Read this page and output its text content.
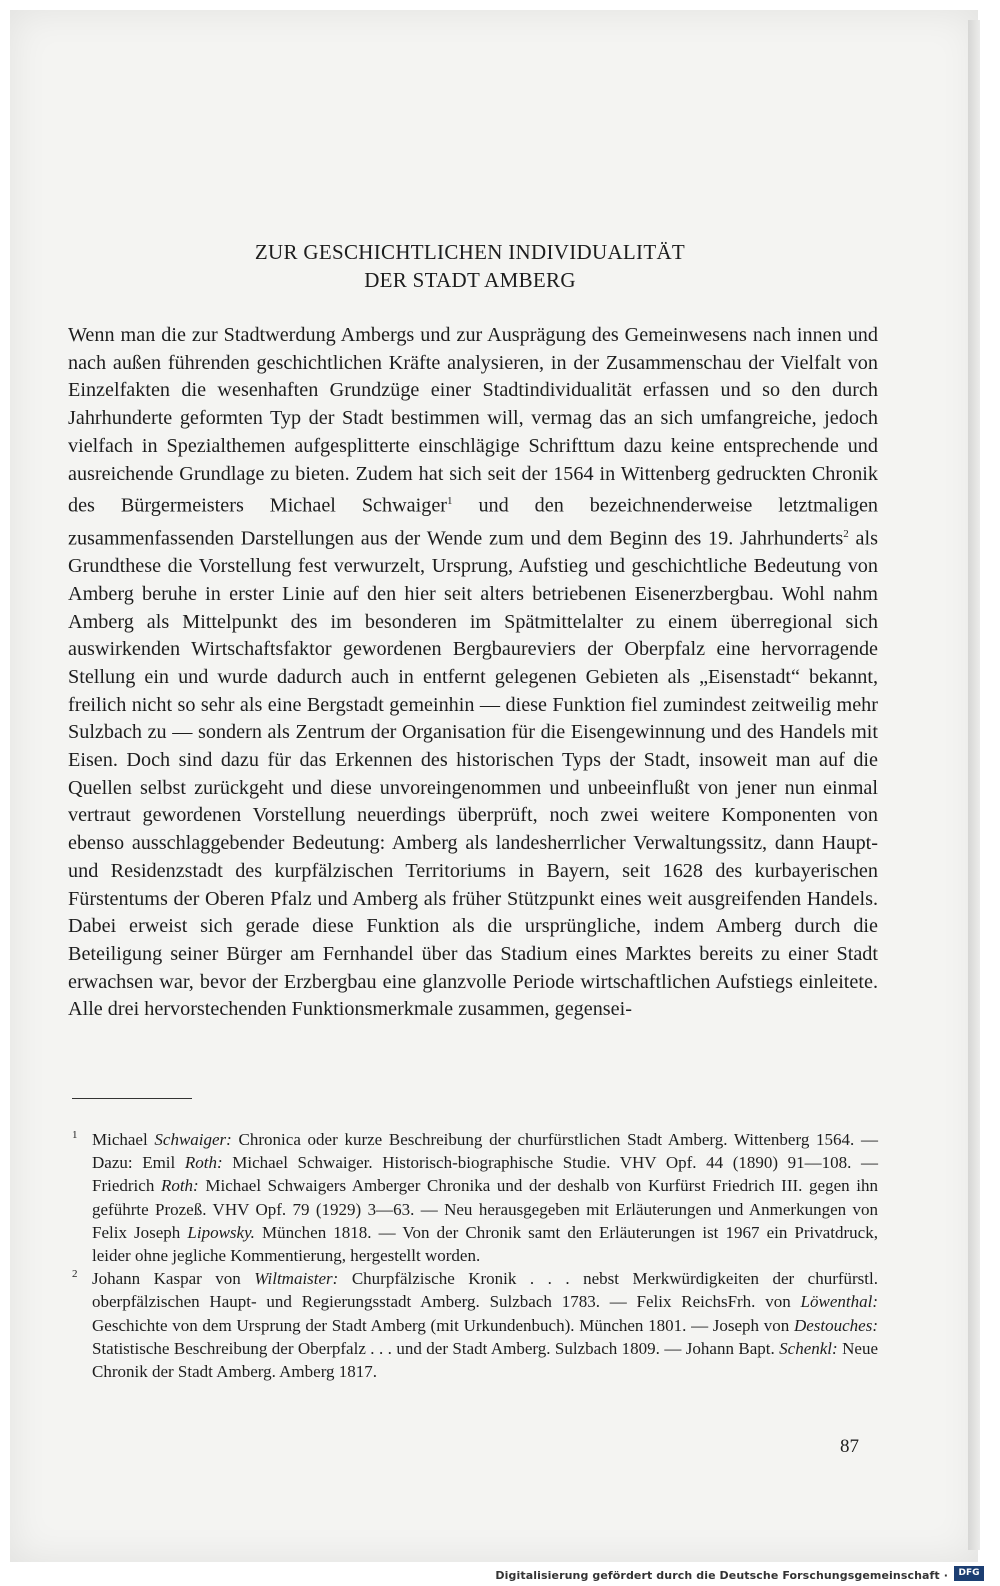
ZUR GESCHICHTLICHEN INDIVIDUALITÄT
DER STADT AMBERG

Wenn man die zur Stadtwerdung Ambergs und zur Ausprägung des Gemeinwesens nach innen und nach außen führenden geschichtlichen Kräfte analysieren, in der Zusammenschau der Vielfalt von Einzelfakten die wesenhaften Grundzüge einer Stadtindividualität erfassen und so den durch Jahrhunderte geformten Typ der Stadt bestimmen will, vermag das an sich umfangreiche, jedoch vielfach in Spezialthemen aufgesplitterte einschlägige Schrifttum dazu keine entsprechende und ausreichende Grundlage zu bieten. Zudem hat sich seit der 1564 in Wittenberg gedruckten Chronik des Bürgermeisters Michael Schwaiger$^1$ und den bezeichnenderweise letztmaligen zusammenfassenden Darstellungen aus der Wende zum und dem Beginn des 19. Jahrhunderts$^2$ als Grundthese die Vorstellung fest verwurzelt, Ursprung, Aufstieg und geschichtliche Bedeutung von Amberg beruhe in erster Linie auf den hier seit alters betriebenen Eisenerzbergbau. Wohl nahm Amberg als Mittelpunkt des im besonderen im Spätmittelalter zu einem überregional sich auswirkenden Wirtschaftsfaktor gewordenen Bergbaureviers der Oberpfalz eine hervorragende Stellung ein und wurde dadurch auch in entfernt gelegenen Gebieten als „Eisenstadt“ bekannt, freilich nicht so sehr als eine Bergstadt gemeinhin — diese Funktion fiel zumindest zeitweilig mehr Sulzbach zu — sondern als Zentrum der Organisation für die Eisengewinnung und des Handels mit Eisen. Doch sind dazu für das Erkennen des historischen Typs der Stadt, insoweit man auf die Quellen selbst zurückgeht und diese unvoreingenommen und unbeeinflußt von jener nun einmal vertraut gewordenen Vorstellung neuerdings überprüft, noch zwei weitere Komponenten von ebenso ausschlaggebender Bedeutung: Amberg als landesherrlicher Verwaltungssitz, dann Haupt- und Residenzstadt des kurpfälzischen Territoriums in Bayern, seit 1628 des kurbayerischen Fürstentums der Oberen Pfalz und Amberg als früher Stützpunkt eines weit ausgreifenden Handels. Dabei erweist sich gerade diese Funktion als die ursprüngliche, indem Amberg durch die Beteiligung seiner Bürger am Fernhandel über das Stadium eines Marktes bereits zu einer Stadt erwachsen war, bevor der Erzbergbau eine glanzvolle Periode wirtschaftlichen Aufstiegs einleitete. Alle drei hervorstechenden Funktionsmerkmale zusammen, gegensei-

1 Michael Schwaiger: Chronica oder kurze Beschreibung der churfürstlichen Stadt Amberg. Wittenberg 1564. — Dazu: Emil Roth: Michael Schwaiger. Historisch-biographische Studie. VHV Opf. 44 (1890) 91—108. — Friedrich Roth: Michael Schwaigers Amberger Chronika und der deshalb von Kurfürst Friedrich III. gegen ihn geführte Prozeß. VHV Opf. 79 (1929) 3—63. — Neu herausgegeben mit Erläuterungen und Anmerkungen von Felix Joseph Lipowsky. München 1818. — Von der Chronik samt den Erläuterungen ist 1967 ein Privatdruck, leider ohne jegliche Kommentierung, hergestellt worden.
2 Johann Kaspar von Wiltmaister: Churpfälzische Kronik . . . nebst Merkwürdigkeiten der churfürstl. oberpfälzischen Haupt- und Regierungsstadt Amberg. Sulzbach 1783. — Felix ReichsFrh. von Löwenthal: Geschichte von dem Ursprung der Stadt Amberg (mit Urkundenbuch). München 1801. — Joseph von Destouches: Statistische Beschreibung der Oberpfalz . . . und der Stadt Amberg. Sulzbach 1809. — Johann Bapt. Schenkl: Neue Chronik der Stadt Amberg. Amberg 1817.
87
Digitalisierung gefördert durch die Deutsche Forschungsgemeinschaft ·	DFG
